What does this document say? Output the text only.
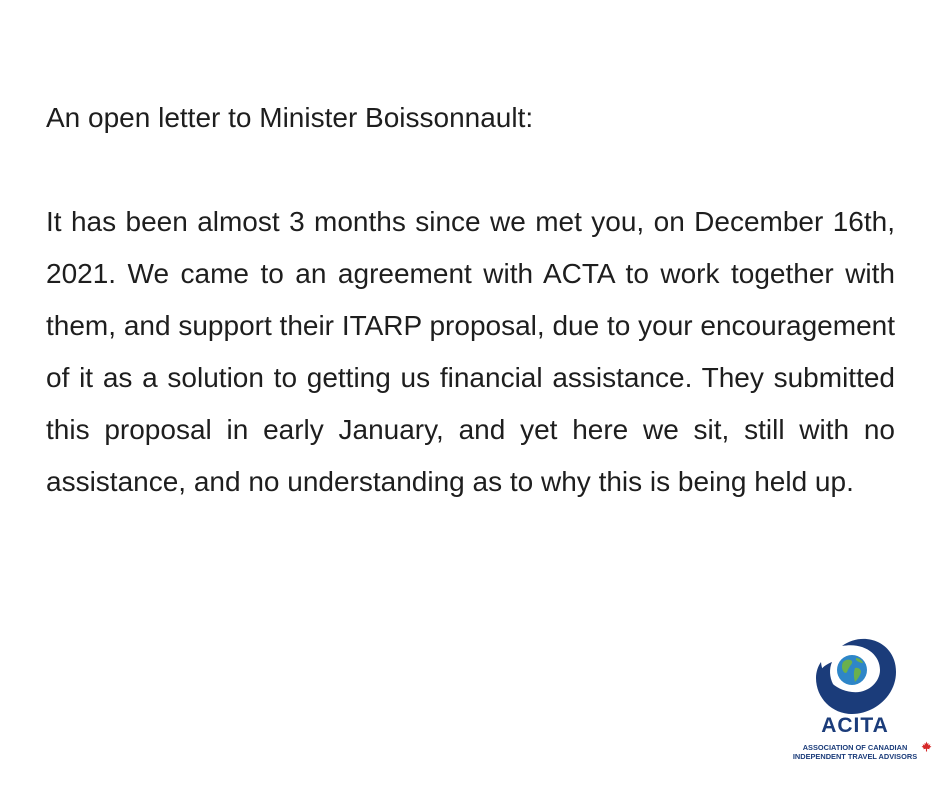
An open letter to Minister Boissonnault:

It has been almost 3 months since we met you, on December 16th, 2021. We came to an agreement with ACTA to work together with them, and support their ITARP proposal, due to your encouragement of it as a solution to getting us financial assistance. They submitted this proposal in early January, and yet here we sit, still with no assistance, and no understanding as to why this is being held up.

ACITA
ASSOCIATION OF CANADIAN
INDEPENDENT TRAVEL ADVISORS
